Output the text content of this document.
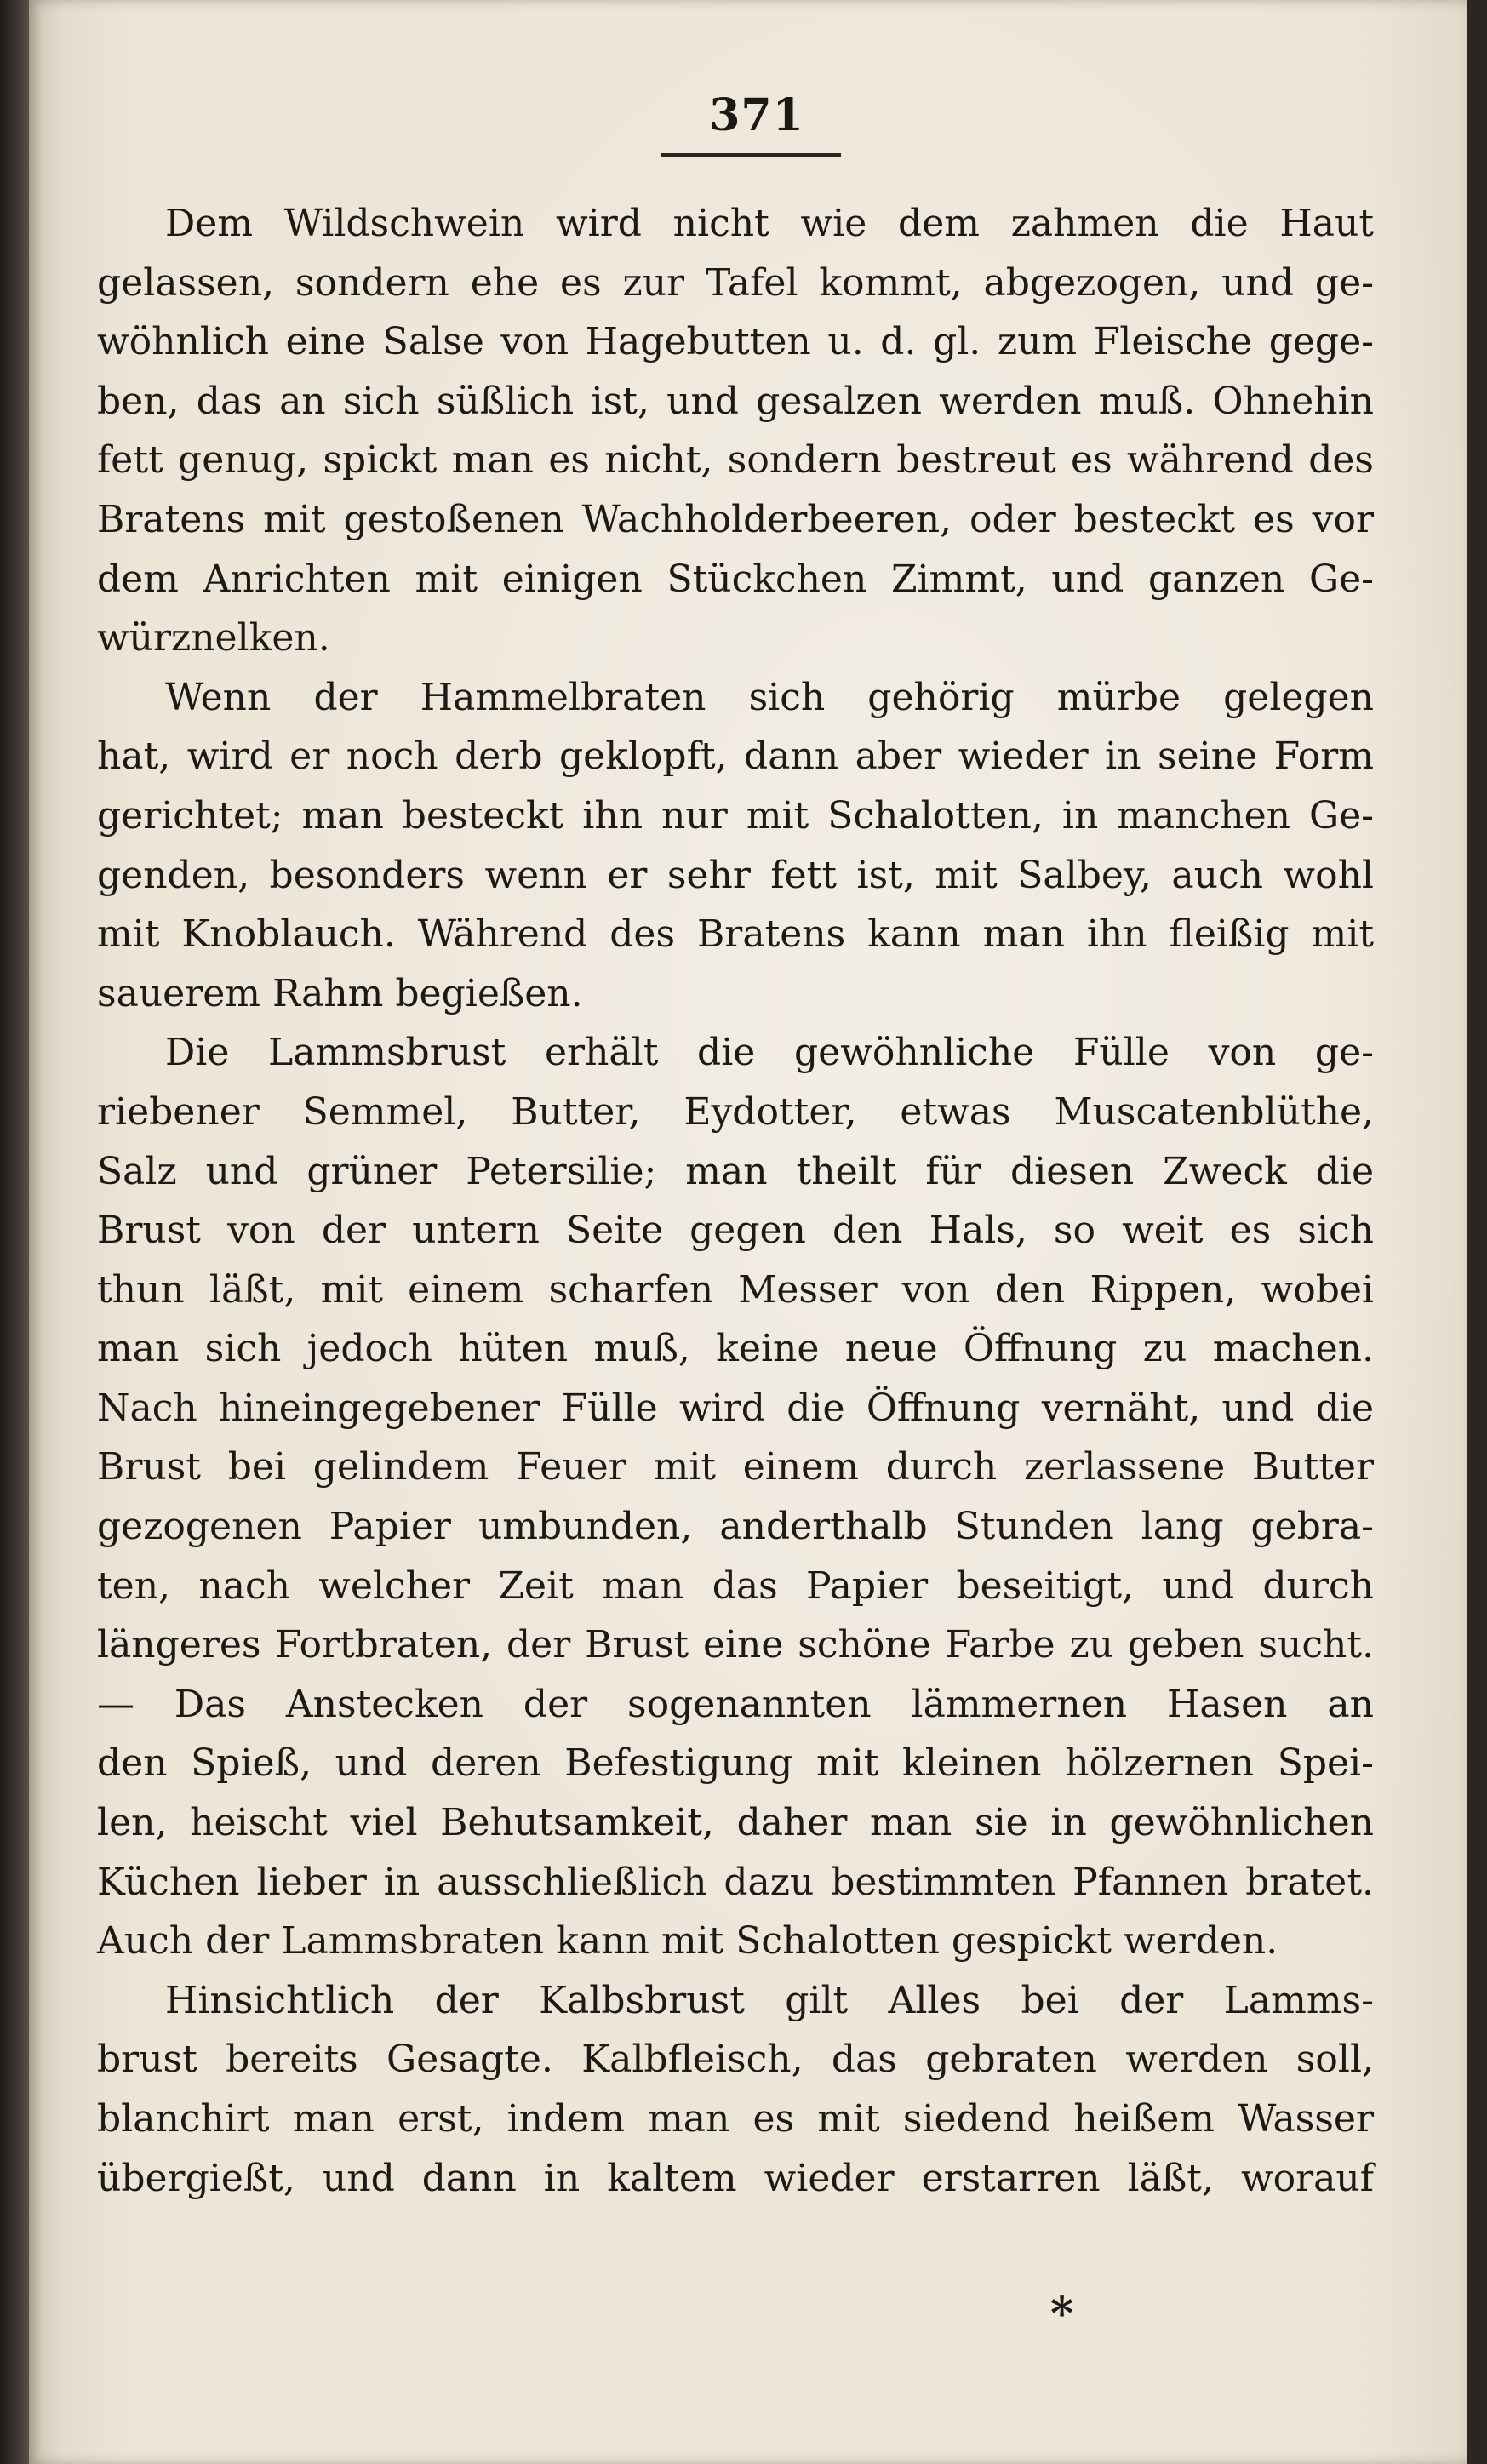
371
Dem Wildschwein wird nicht wie dem zahmen die Haut
gelassen, sondern ehe es zur Tafel kommt, abgezogen, und ge-
wöhnlich eine Salse von Hagebutten u. d. gl. zum Fleische gege-
ben, das an sich süßlich ist, und gesalzen werden muß. Ohnehin
fett genug, spickt man es nicht, sondern bestreut es während des
Bratens mit gestoßenen Wachholderbeeren, oder besteckt es vor
dem Anrichten mit einigen Stückchen Zimmt, und ganzen Ge-
würznelken.
Wenn der Hammelbraten sich gehörig mürbe gelegen
hat, wird er noch derb geklopft, dann aber wieder in seine Form
gerichtet; man besteckt ihn nur mit Schalotten, in manchen Ge-
genden, besonders wenn er sehr fett ist, mit Salbey, auch wohl
mit Knoblauch. Während des Bratens kann man ihn fleißig mit
sauerem Rahm begießen.
Die Lammsbrust erhält die gewöhnliche Fülle von ge-
riebener Semmel, Butter, Eydotter, etwas Muscatenblüthe,
Salz und grüner Petersilie; man theilt für diesen Zweck die
Brust von der untern Seite gegen den Hals, so weit es sich
thun läßt, mit einem scharfen Messer von den Rippen, wobei
man sich jedoch hüten muß, keine neue Öffnung zu machen.
Nach hineingegebener Fülle wird die Öffnung vernäht, und die
Brust bei gelindem Feuer mit einem durch zerlassene Butter
gezogenen Papier umbunden, anderthalb Stunden lang gebra-
ten, nach welcher Zeit man das Papier beseitigt, und durch
längeres Fortbraten, der Brust eine schöne Farbe zu geben sucht.
— Das Anstecken der sogenannten lämmernen Hasen an
den Spieß, und deren Befestigung mit kleinen hölzernen Spei-
len, heischt viel Behutsamkeit, daher man sie in gewöhnlichen
Küchen lieber in ausschließlich dazu bestimmten Pfannen bratet.
Auch der Lammsbraten kann mit Schalotten gespickt werden.
Hinsichtlich der Kalbsbrust gilt Alles bei der Lamms-
brust bereits Gesagte. Kalbfleisch, das gebraten werden soll,
blanchirt man erst, indem man es mit siedend heißem Wasser
übergießt, und dann in kaltem wieder erstarren läßt, worauf
*
